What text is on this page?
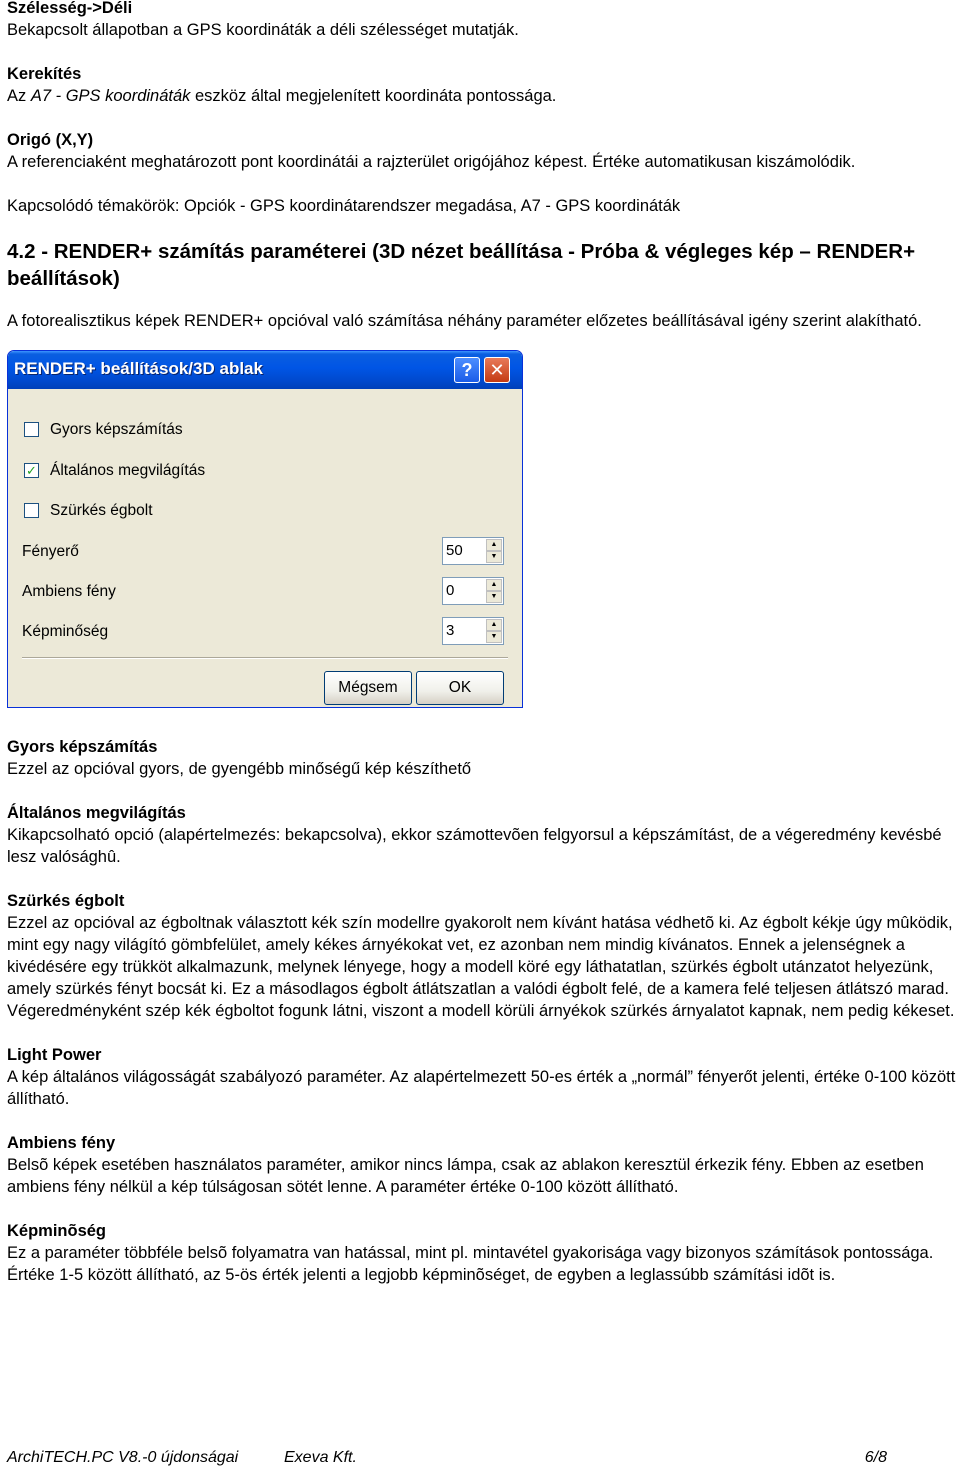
Szélesség->Déli

Bekapcsolt állapotban a GPS koordináták a déli szélességet mutatják.

Kerekítés

Az A7 - GPS koordináták eszköz által megjelenített koordináta pontossága.

Origó (X,Y)

A referenciaként meghatározott pont koordinátái a rajzterület origójához képest. Értéke automatikusan kiszámolódik.

Kapcsolódó témakörök: Opciók - GPS koordinátarendszer megadása, A7 - GPS koordináták
4.2 - RENDER+ számítás paraméterei (3D nézet beállítása - Próba & végleges kép – RENDER+ beállítások)
A fotorealisztikus képek RENDER+ opcióval való számítása néhány paraméter előzetes beállításával igény szerint alakítható.
RENDER+ beállítások/3D ablak	? ✕
Gyors képszámítás
✓ Általános megvilágítás
Szürkés égbolt
Fényerő	50	▲
▼
Ambiens fény	0	▲
▼
Képminőség	3	▲
▼
Mégsem	OK
Gyors képszámítás

Ezzel az opcióval gyors, de gyengébb minőségű kép készíthető

Általános megvilágítás

Kikapcsolható opció (alapértelmezés: bekapcsolva), ekkor számottevõen felgyorsul a képszámítást, de a végeredmény kevésbé lesz valósághû.

Szürkés égbolt

Ezzel az opcióval az égboltnak választott kék szín modellre gyakorolt nem kívánt hatása védhetõ ki. Az égbolt kékje úgy mûködik, mint egy nagy világító gömbfelület, amely kékes árnyékokat vet, ez azonban nem mindig kívánatos. Ennek a jelenségnek a kivédésére egy trükköt alkalmazunk, melynek lényege, hogy a modell köré egy láthatatlan, szürkés égbolt utánzatot helyezünk, amely szürkés fényt bocsát ki. Ez a másodlagos égbolt átlátszatlan a valódi égbolt felé, de a kamera felé teljesen átlátszó marad. Végeredményként szép kék égboltot fogunk látni, viszont a modell körüli árnyékok szürkés árnyalatot kapnak, nem pedig kékeset.

Light Power

A kép általános világosságát szabályozó paraméter. Az alapértelmezett 50-es érték a „normál” fényerőt jelenti, értéke 0-100 között állítható.

Ambiens fény

Belsõ képek esetében használatos paraméter, amikor nincs lámpa, csak az ablakon keresztül érkezik fény. Ebben az esetben ambiens fény nélkül a kép túlságosan sötét lenne. A paraméter értéke 0-100 között állítható.

Képminõség

Ez a paraméter többféle belsõ folyamatra van hatással, mint pl. mintavétel gyakorisága vagy bizonyos számítások pontossága. Értéke 1-5 között állítható, az 5-ös érték jelenti a legjobb képminõséget, de egyben a leglassúbb számítási idõt is.

ArchiTECH.PC V8.-0 újdonságai	Exeva Kft.	6/8
